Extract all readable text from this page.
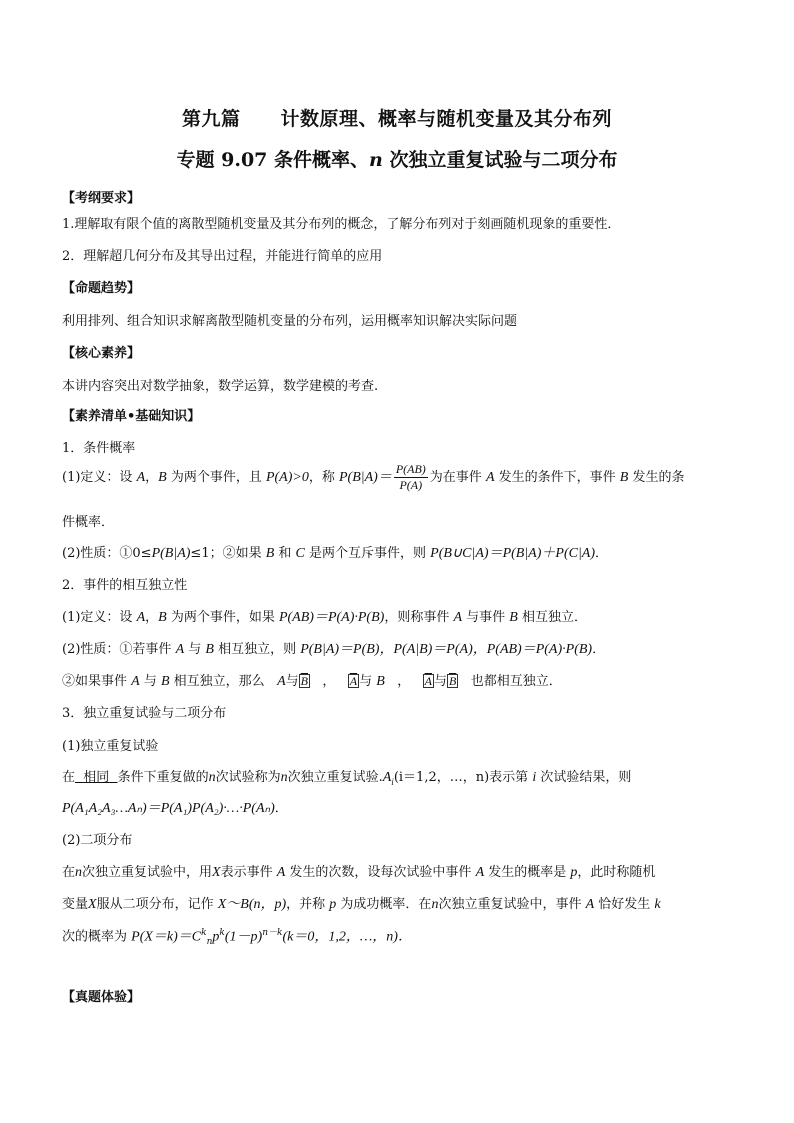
第九篇 计数原理、概率与随机变量及其分布列
专题 9.07 条件概率、n 次独立重复试验与二项分布
【考纲要求】
1.理解取有限个值的离散型随机变量及其分布列的概念，了解分布列对于刻画随机现象的重要性．
2．理解超几何分布及其导出过程，并能进行简单的应用
【命题趋势】
利用排列、组合知识求解离散型随机变量的分布列，运用概率知识解决实际问题
【核心素养】
本讲内容突出对数学抽象，数学运算，数学建模的考查.
【素养清单•基础知识】
1．条件概率
(1)定义：设 A，B 为两个事件，且 P(A)>0，称 $P(B|A)= \frac{P(AB)}{P(A)}$ 为在事件 A 发生的条件下，事件 B 发生的条
件概率．
(2)性质：①0≤P(B|A)≤1；②如果 B 和 C 是两个互斥事件，则 P(B∪C|A)＝P(B|A)＋P(C|A)．
2．事件的相互独立性
(1)定义：设 A，B 为两个事件，如果 P(AB)＝P(A)·P(B)，则称事件 A 与事件 B 相互独立．
(2)性质：①若事件 A 与 B 相互独立，则 P(B|A)＝P(B)，P(A|B)＝P(A)，P(AB)＝P(A)·P(B)．
②如果事件 A 与 B 相互独立，那么 A与 $\overline{B}$   ，   $\overline{A}$ 与 B   ，   $\overline{A}$ 与 $\overline{B}$ 也都相互独立．
3．独立重复试验与二项分布
(1)独立重复试验
在 相同 条件下重复做的n次试验称为n次独立重复试验$.A_i(i=1,2$，…，n)表示第 i 次试验结果，则
P(A₁A₂A₃…Aₙ)＝P(A₁)P(A₂)·…·P(Aₙ)．
(2)二项分布
在n次独立重复试验中，用X表示事件 A 发生的次数，设每次试验中事件 A 发生的概率是 p，此时称随机
变量X服从二项分布，记作 X～B(n，p)，并称 p 为成功概率．在n次独立重复试验中，事件 A 恰好发生 k
次的概率为 $P(X=k)=C^k_np^k(1-p)^{n-k}(k=0$，1,2，…，n)．
【真题体验】
